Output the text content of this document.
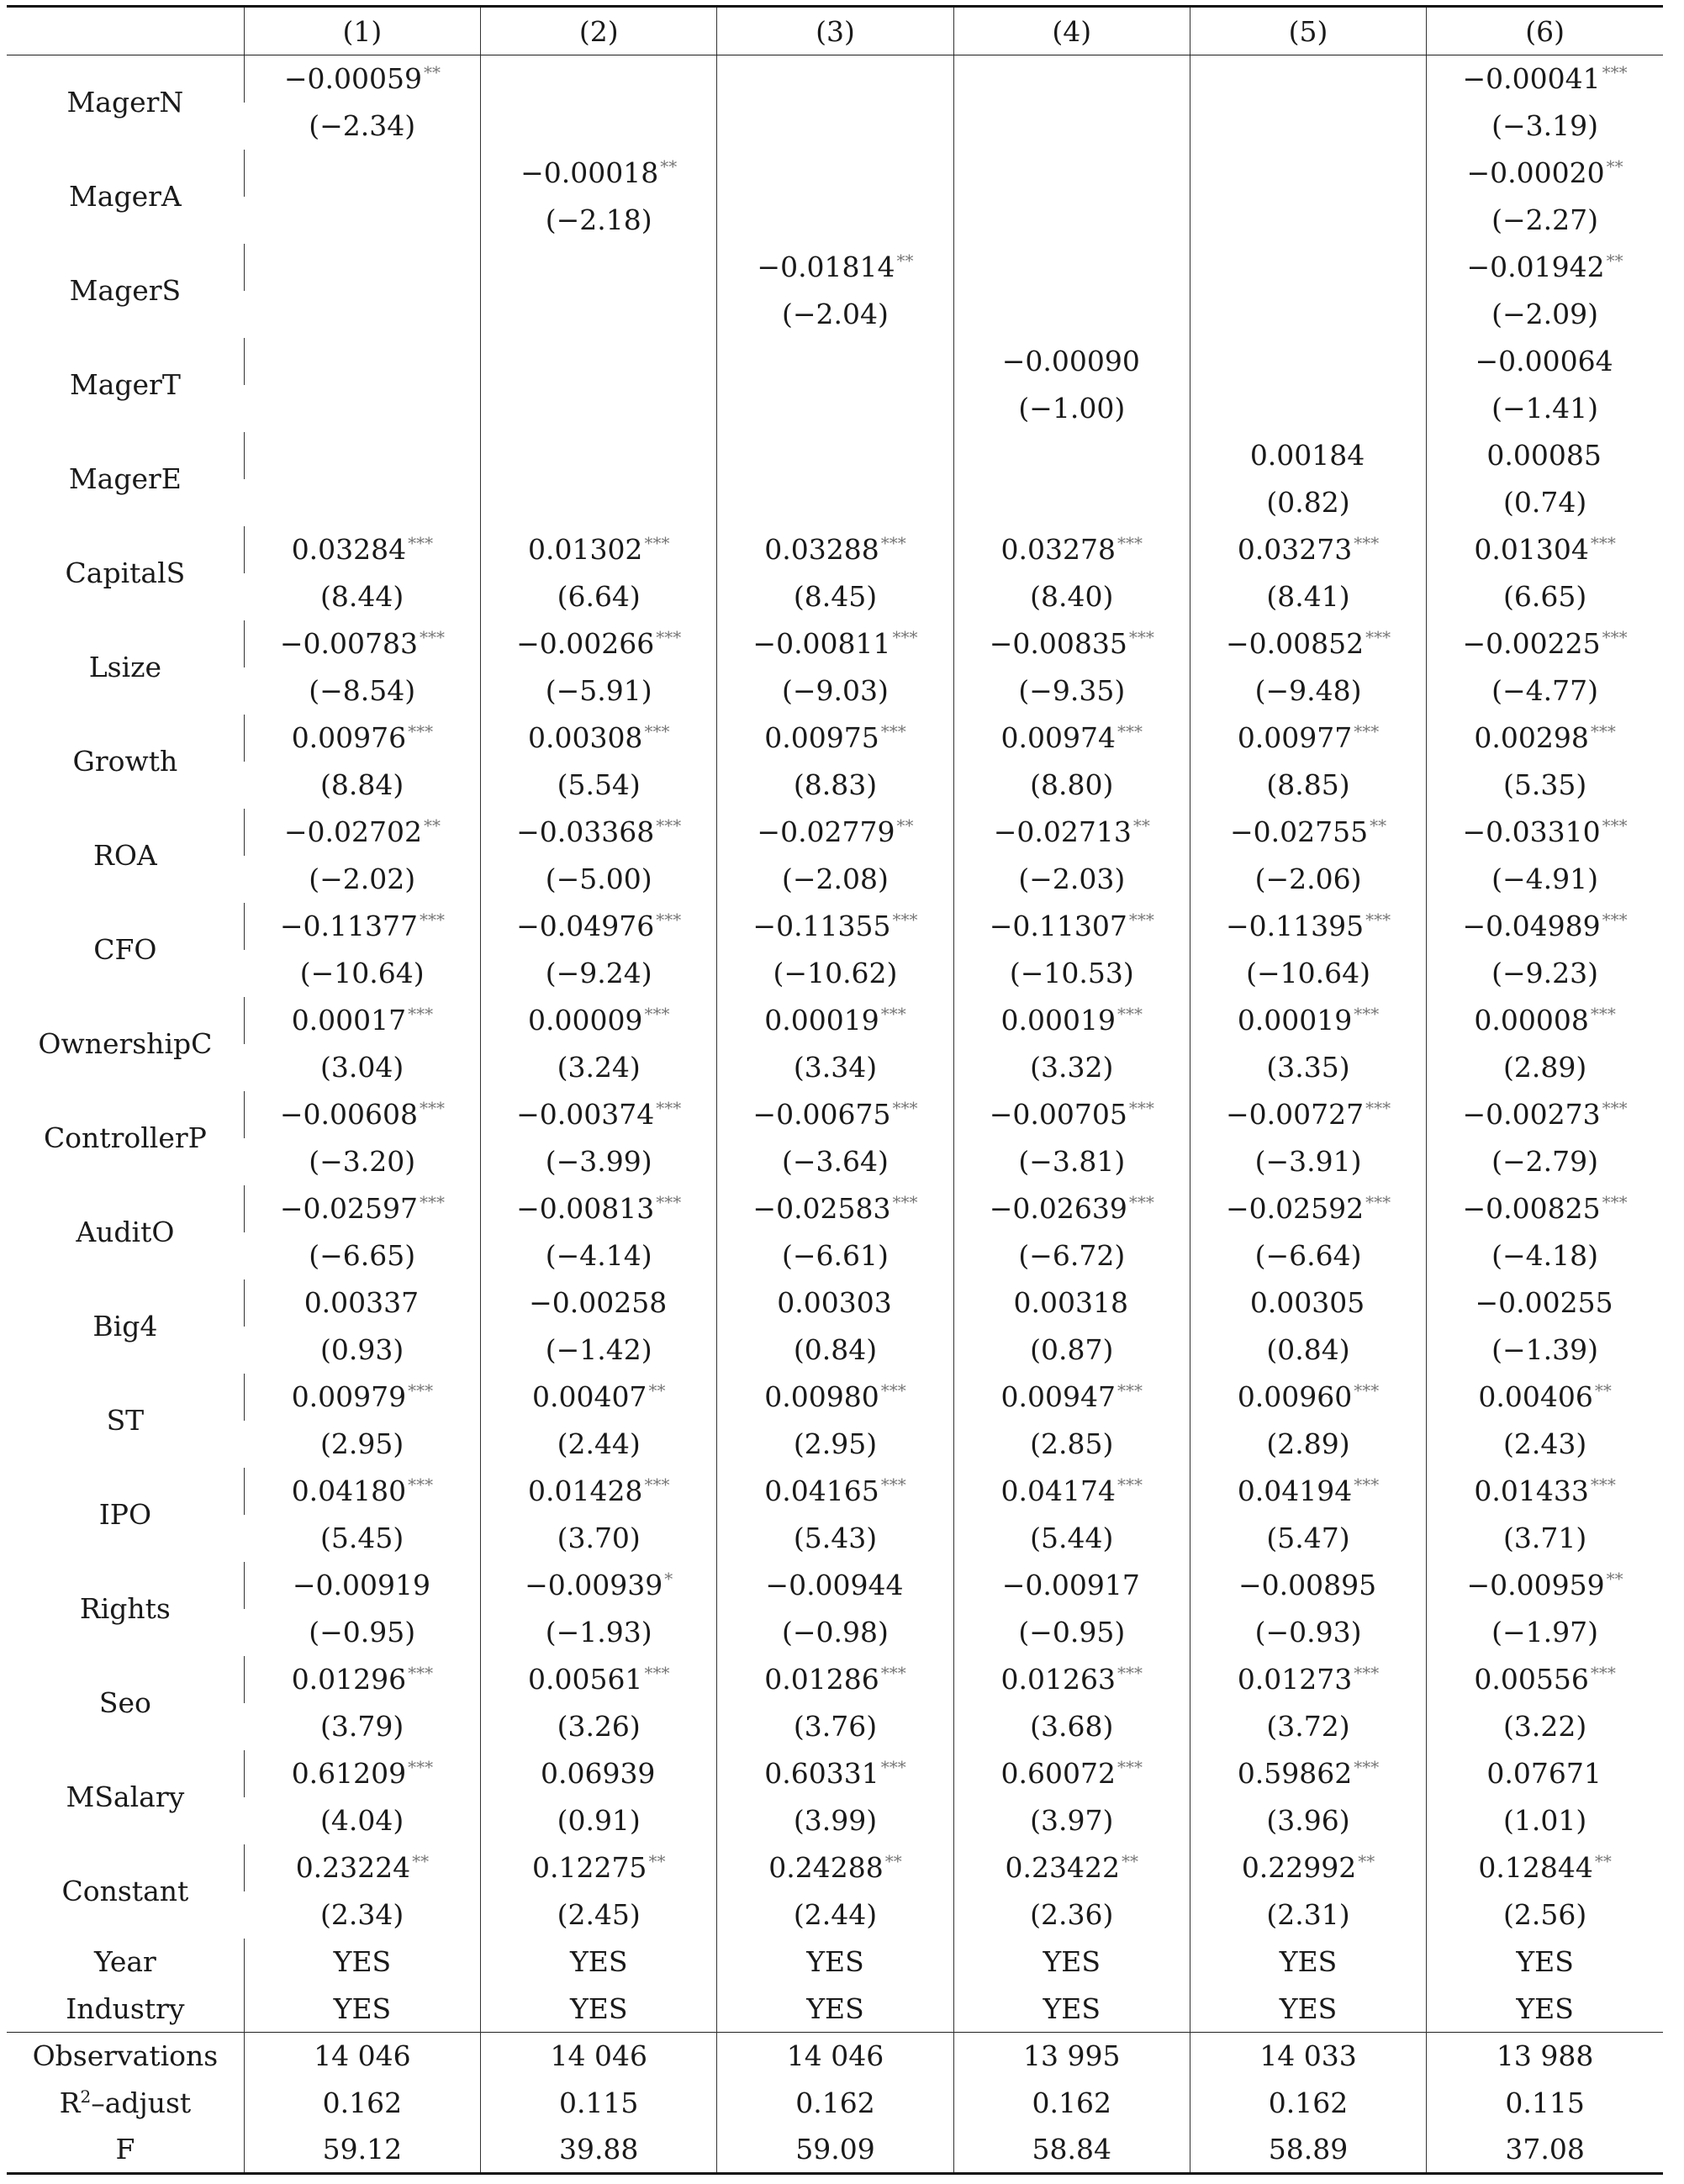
	(1)	(2)	(3)	(4)	(5)	(6)
MagerN	−0.00059 **					−0.00041 ***
	(−2.34)					(−3.19)
MagerA		−0.00018 **				−0.00020 **
		(−2.18)				(−2.27)
MagerS			−0.01814 **			−0.01942 **
			(−2.04)			(−2.09)
MagerT				−0.00090		−0.00064
				(−1.00)		(−1.41)
MagerE					0.00184	0.00085
					(0.82)	(0.74)
CapitalS	0.03284 ***	0.01302 ***	0.03288 ***	0.03278 ***	0.03273 ***	0.01304 ***
	(8.44)	(6.64)	(8.45)	(8.40)	(8.41)	(6.65)
Lsize	−0.00783 ***	−0.00266 ***	−0.00811 ***	−0.00835 ***	−0.00852 ***	−0.00225 ***
	(−8.54)	(−5.91)	(−9.03)	(−9.35)	(−9.48)	(−4.77)
Growth	0.00976 ***	0.00308 ***	0.00975 ***	0.00974 ***	0.00977 ***	0.00298 ***
	(8.84)	(5.54)	(8.83)	(8.80)	(8.85)	(5.35)
ROA	−0.02702 **	−0.03368 ***	−0.02779 **	−0.02713 **	−0.02755 **	−0.03310 ***
	(−2.02)	(−5.00)	(−2.08)	(−2.03)	(−2.06)	(−4.91)
CFO	−0.11377 ***	−0.04976 ***	−0.11355 ***	−0.11307 ***	−0.11395 ***	−0.04989 ***
	(−10.64)	(−9.24)	(−10.62)	(−10.53)	(−10.64)	(−9.23)
OwnershipC	0.00017 ***	0.00009 ***	0.00019 ***	0.00019 ***	0.00019 ***	0.00008 ***
	(3.04)	(3.24)	(3.34)	(3.32)	(3.35)	(2.89)
ControllerP	−0.00608 ***	−0.00374 ***	−0.00675 ***	−0.00705 ***	−0.00727 ***	−0.00273 ***
	(−3.20)	(−3.99)	(−3.64)	(−3.81)	(−3.91)	(−2.79)
AuditO	−0.02597 ***	−0.00813 ***	−0.02583 ***	−0.02639 ***	−0.02592 ***	−0.00825 ***
	(−6.65)	(−4.14)	(−6.61)	(−6.72)	(−6.64)	(−4.18)
Big4	0.00337	−0.00258	0.00303	0.00318	0.00305	−0.00255
	(0.93)	(−1.42)	(0.84)	(0.87)	(0.84)	(−1.39)
ST	0.00979 ***	0.00407 **	0.00980 ***	0.00947 ***	0.00960 ***	0.00406 **
	(2.95)	(2.44)	(2.95)	(2.85)	(2.89)	(2.43)
IPO	0.04180 ***	0.01428 ***	0.04165 ***	0.04174 ***	0.04194 ***	0.01433 ***
	(5.45)	(3.70)	(5.43)	(5.44)	(5.47)	(3.71)
Rights	−0.00919	−0.00939 *	−0.00944	−0.00917	−0.00895	−0.00959 **
	(−0.95)	(−1.93)	(−0.98)	(−0.95)	(−0.93)	(−1.97)
Seo	0.01296 ***	0.00561 ***	0.01286 ***	0.01263 ***	0.01273 ***	0.00556 ***
	(3.79)	(3.26)	(3.76)	(3.68)	(3.72)	(3.22)
MSalary	0.61209 ***	0.06939	0.60331 ***	0.60072 ***	0.59862 ***	0.07671
	(4.04)	(0.91)	(3.99)	(3.97)	(3.96)	(1.01)
Constant	0.23224 **	0.12275 **	0.24288 **	0.23422 **	0.22992 **	0.12844 **
	(2.34)	(2.45)	(2.44)	(2.36)	(2.31)	(2.56)
Year	YES	YES	YES	YES	YES	YES
Industry	YES	YES	YES	YES	YES	YES
Observations	14 046	14 046	14 046	13 995	14 033	13 988
$R^2$–adjust	0.162	0.115	0.162	0.162	0.162	0.115
F	59.12	39.88	59.09	58.84	58.89	37.08
